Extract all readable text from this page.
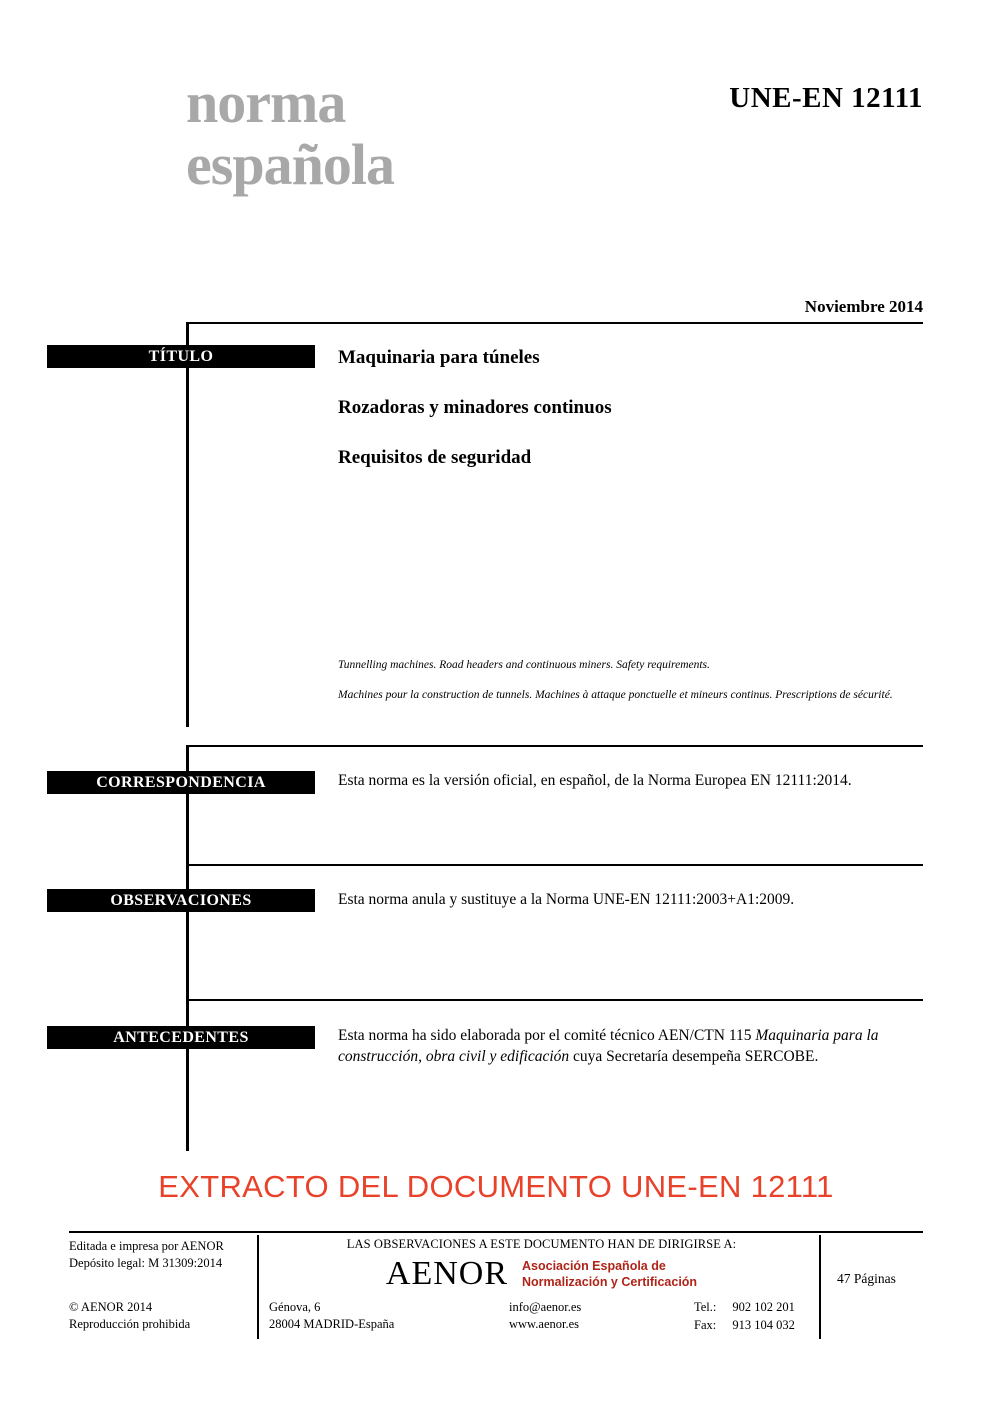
norma
española
UNE-EN 12111
Noviembre 2014
TÍTULO	Maquinaria para túneles
Rozadoras y minadores continuos
Requisitos de seguridad
Tunnelling machines. Road headers and continuous miners. Safety requirements.
Machines pour la construction de tunnels. Machines à attaque ponctuelle et mineurs continus. Prescriptions de sécurité.
CORRESPONDENCIA	Esta norma es la versión oficial, en español, de la Norma Europea EN 12111:2014.
OBSERVACIONES	Esta norma anula y sustituye a la Norma UNE-EN 12111:2003+A1:2009.
ANTECEDENTES	Esta norma ha sido elaborada por el comité técnico AEN/CTN 115 Maquinaria para la construcción, obra civil y edificación cuya Secretaría desempeña SERCOBE.
EXTRACTO DEL DOCUMENTO UNE-EN 12111
Editada e impresa por AENOR
Depósito legal: M 31309:2014
© AENOR 2014
Reproducción prohibida
LAS OBSERVACIONES A ESTE DOCUMENTO HAN DE DIRIGIRSE A:
AENOR Asociación Española de
Normalización y Certificación
Génova, 6
28004 MADRID-España
info@aenor.es
www.aenor.es
Tel.:	902 102 201
Fax:	913 104 032
47 Páginas
